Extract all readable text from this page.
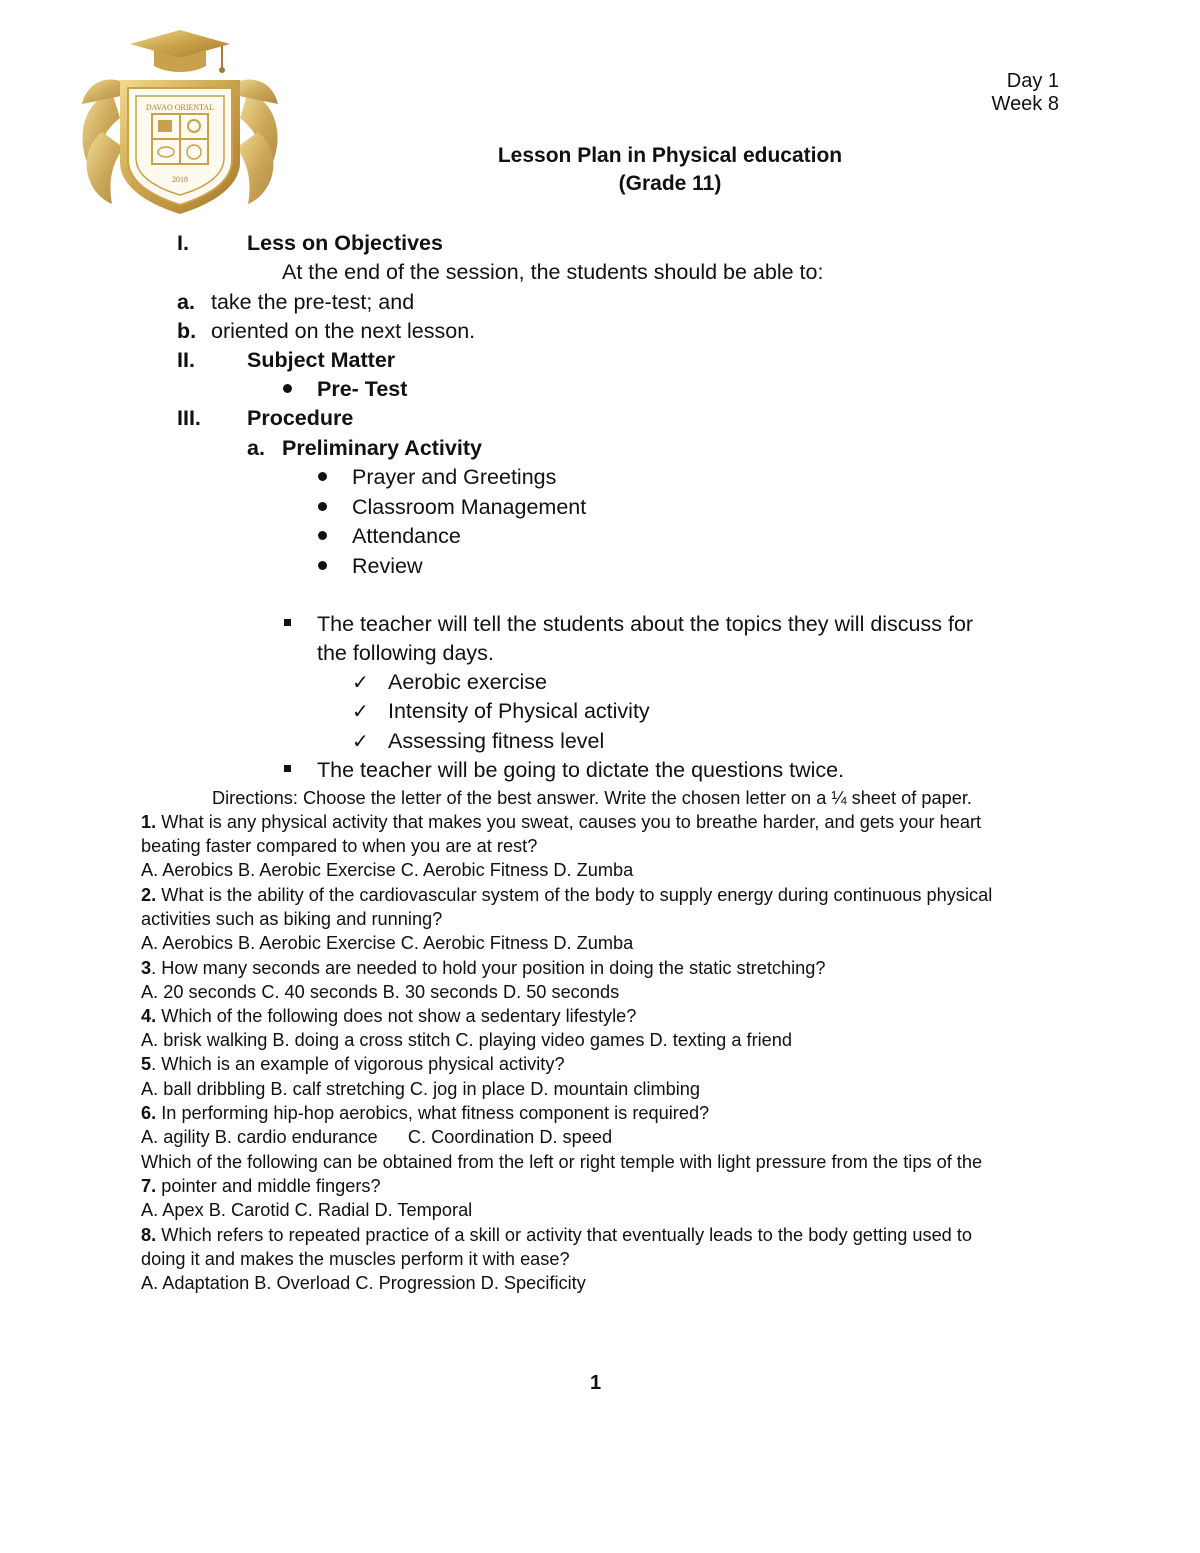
DAVAO ORIENTAL
2018
Day 1
Week 8
Lesson Plan in Physical education
(Grade 11)
I.	Less on Objectives
At the end of the session, the students should be able to:
a. take the pre-test; and
b. oriented on the next lesson.
II. Subject Matter
Pre- Test
III. Procedure
a. Preliminary Activity
Prayer and Greetings
Classroom Management
Attendance
Review
The teacher will tell the students about the topics they will discuss for
the following days.
✓ Aerobic exercise
✓ Intensity of Physical activity
✓ Assessing fitness level
The teacher will be going to dictate the questions twice.
Directions: Choose the letter of the best answer. Write the chosen letter on a ¼ sheet of paper.
1. What is any physical activity that makes you sweat, causes you to breathe harder, and gets your heart
beating faster compared to when you are at rest?
A. Aerobics B. Aerobic Exercise C. Aerobic Fitness D. Zumba
2. What is the ability of the cardiovascular system of the body to supply energy during continuous physical
activities such as biking and running?
A. Aerobics B. Aerobic Exercise C. Aerobic Fitness D. Zumba
3. How many seconds are needed to hold your position in doing the static stretching?
A. 20 seconds C. 40 seconds B. 30 seconds D. 50 seconds
4. Which of the following does not show a sedentary lifestyle?
A. brisk walking B. doing a cross stitch C. playing video games D. texting a friend
5. Which is an example of vigorous physical activity?
A. ball dribbling B. calf stretching C. jog in place D. mountain climbing
6. In performing hip-hop aerobics, what fitness component is required?
A. agility B. cardio endurance      C. Coordination D. speed
Which of the following can be obtained from the left or right temple with light pressure from the tips of the
7. pointer and middle fingers?
A. Apex B. Carotid C. Radial D. Temporal
8. Which refers to repeated practice of a skill or activity that eventually leads to the body getting used to
doing it and makes the muscles perform it with ease?
A. Adaptation B. Overload C. Progression D. Specificity
1
